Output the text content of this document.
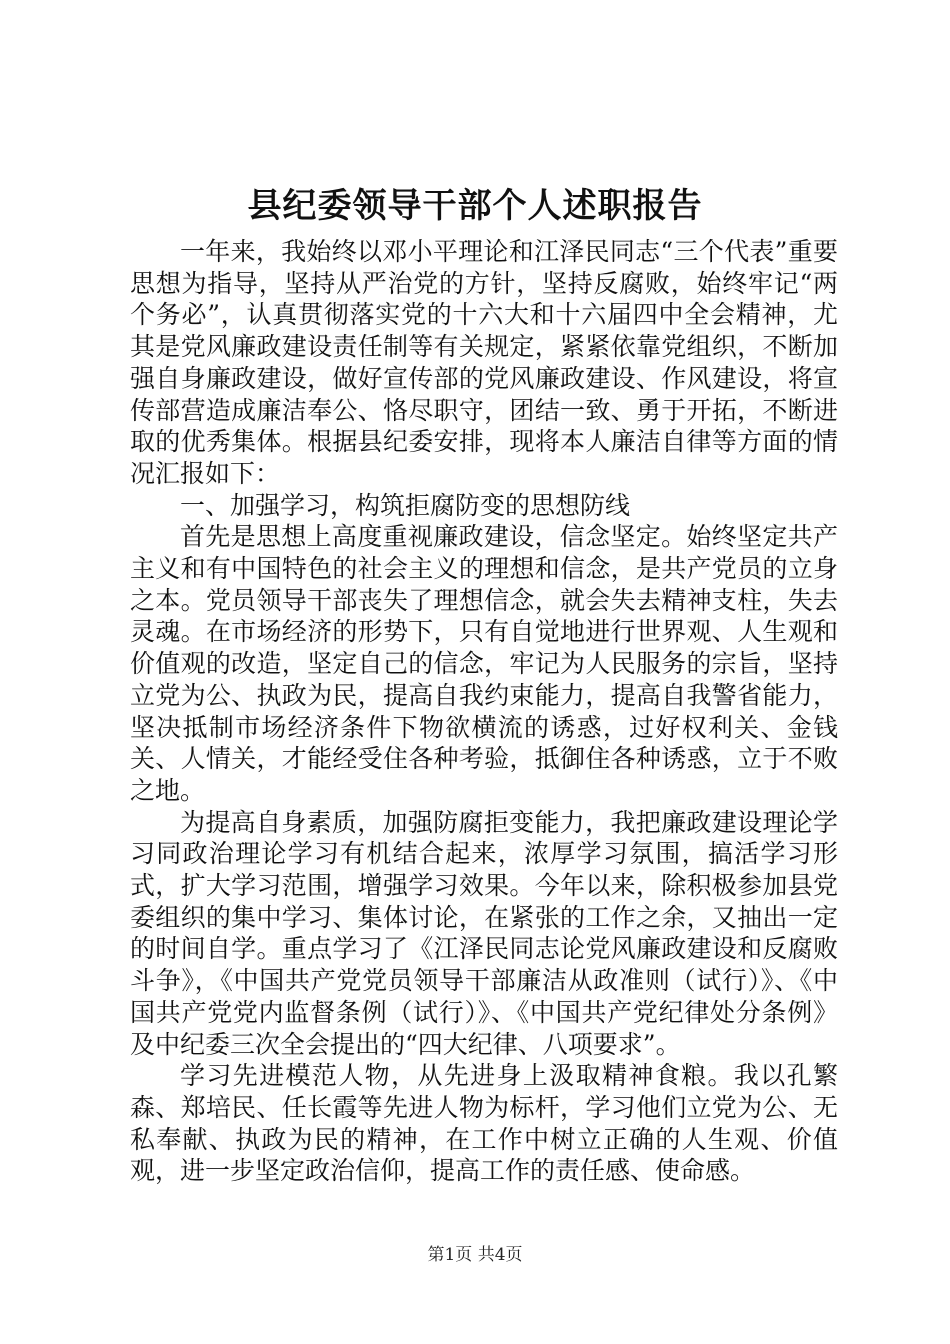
县纪委领导干部个人述职报告

一年来，我始终以邓小平理论和江泽民同志“三个代表”重要思想为指导，坚持从严治党的方针，坚持反腐败，始终牢记“两个务必”，认真贯彻落实党的十六大和十六届四中全会精神，尤其是党风廉政建设责任制等有关规定，紧紧依靠党组织，不断加强自身廉政建设，做好宣传部的党风廉政建设、作风建设，将宣传部营造成廉洁奉公、恪尽职守，团结一致、勇于开拓，不断进取的优秀集体。根据县纪委安排，现将本人廉洁自律等方面的情况汇报如下：

一、加强学习，构筑拒腐防变的思想防线

首先是思想上高度重视廉政建设，信念坚定。始终坚定共产主义和有中国特色的社会主义的理想和信念，是共产党员的立身之本。党员领导干部丧失了理想信念，就会失去精神支柱，失去灵魂。在市场经济的形势下，只有自觉地进行世界观、人生观和价值观的改造，坚定自己的信念，牢记为人民服务的宗旨，坚持立党为公、执政为民，提高自我约束能力，提高自我警省能力，坚决抵制市场经济条件下物欲横流的诱惑，过好权利关、金钱关、人情关，才能经受住各种考验，抵御住各种诱惑，立于不败之地。

为提高自身素质，加强防腐拒变能力，我把廉政建设理论学习同政治理论学习有机结合起来，浓厚学习氛围，搞活学习形式，扩大学习范围，增强学习效果。今年以来，除积极参加县党委组织的集中学习、集体讨论，在紧张的工作之余，又抽出一定的时间自学。重点学习了《江泽民同志论党风廉政建设和反腐败斗争》，《中国共产党党员领导干部廉洁从政准则（试行）》、《中国共产党党内监督条例（试行）》、《中国共产党纪律处分条例》及中纪委三次全会提出的“四大纪律、八项要求”。

学习先进模范人物，从先进身上汲取精神食粮。我以孔繁森、郑培民、任长霞等先进人物为标杆，学习他们立党为公、无私奉献、执政为民的精神，在工作中树立正确的人生观、价值观，进一步坚定政治信仰，提高工作的责任感、使命感。

第1页 共4页
